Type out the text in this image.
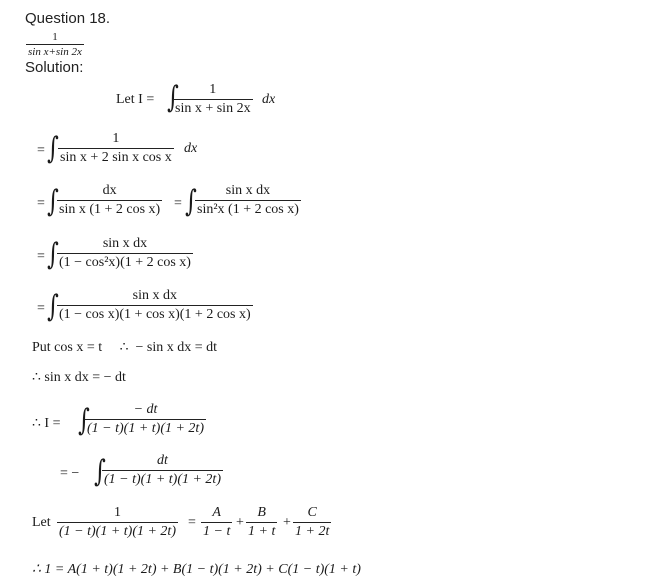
Question 18.
$\frac{1}{\text{sin x+sin 2x}}$
Solution:
Let I = ∫
$\frac{1}{\text{sin x + sin 2x}}$ dx
= ∫ $\frac{1}{\text{sin x + 2 sin x cos x}}$ dx
= ∫
$\frac{dx}{\text{sin x (1 + 2 cos x)}}$ = ∫
$\frac{\text{sin x dx}}{\text{sin²x (1 + 2 cos x)}}$
= ∫
$\frac{\text{sin x dx}}{\text{(1 − cos²x)(1 + 2 cos x)}}$
= ∫
$\frac{\text{sin x dx}}{\text{(1 − cos x)(1 + cos x)(1 + 2 cos x)}}$
Put cos x = t     ∴  − sin x dx = dt
∴ sin x dx = − dt
∴ I = ∫
$\frac{- dt}{(1 - t)(1 + t)(1 + 2t)}$
= − ∫
$\frac{dt}{(1 - t)(1 + t)(1 + 2t)}$
Let $\frac{1}{(1 - t)(1 + t)(1 + 2t)} = \frac{A}{1 - t} + \frac{B}{1 + t} + \frac{C}{1 + 2t}$
∴ 1 = A(1 + t)(1 + 2t) + B(1 − t)(1 + 2t) + C(1 − t)(1 + t)
